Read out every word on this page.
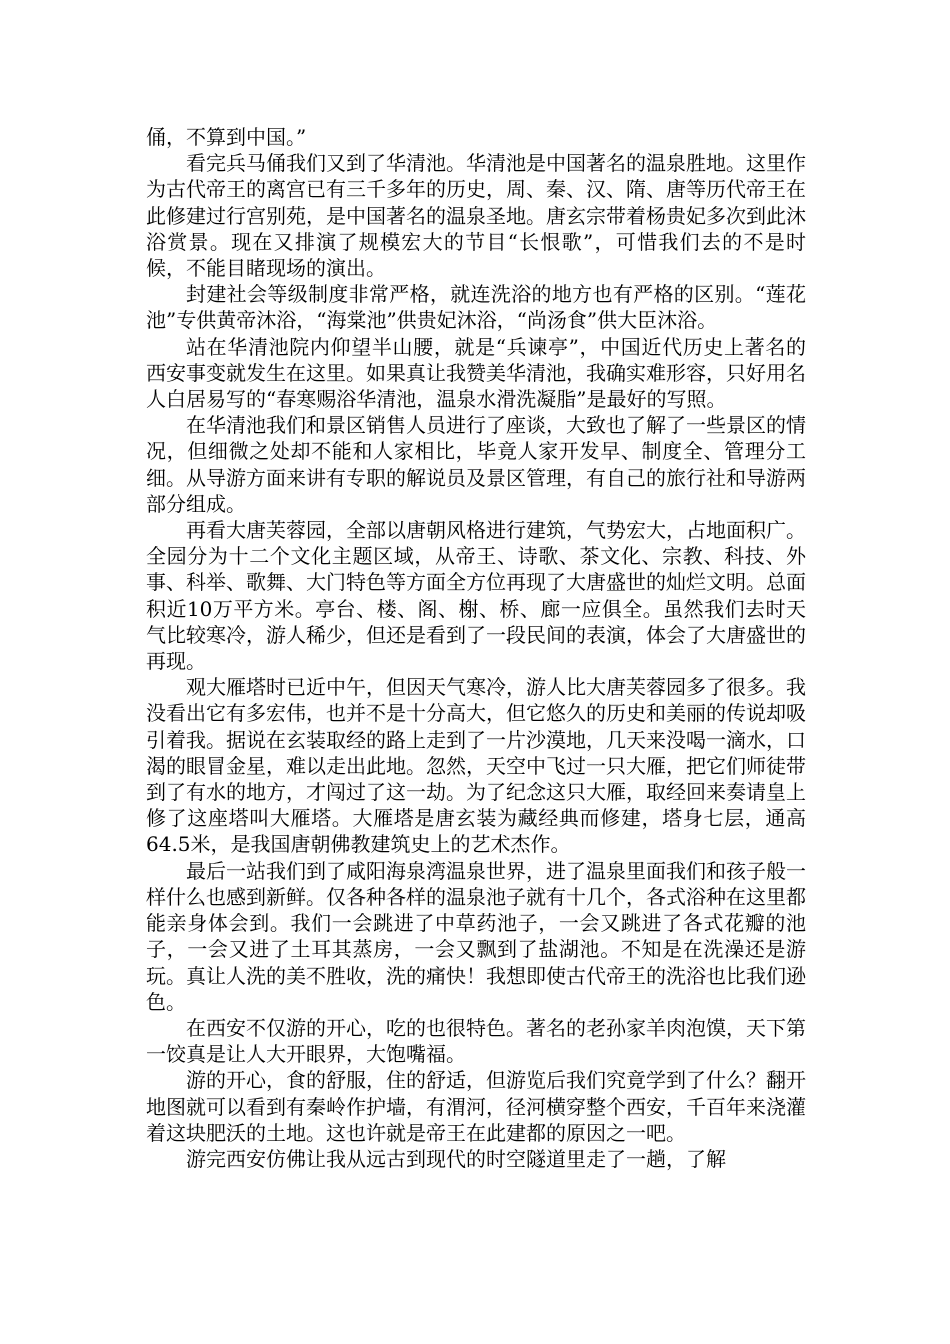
俑，不算到中国。”

看完兵马俑我们又到了华清池。华清池是中国著名的温泉胜地。这里作为古代帝王的离宫已有三千多年的历史，周、秦、汉、隋、唐等历代帝王在此修建过行宫别苑，是中国著名的温泉圣地。唐玄宗带着杨贵妃多次到此沐浴赏景。现在又排演了规模宏大的节目“长恨歌”，可惜我们去的不是时候，不能目睹现场的演出。

封建社会等级制度非常严格，就连洗浴的地方也有严格的区别。“莲花池”专供黄帝沐浴，“海棠池”供贵妃沐浴，“尚汤食”供大臣沐浴。

站在华清池院内仰望半山腰，就是“兵谏亭”，中国近代历史上著名的西安事变就发生在这里。如果真让我赞美华清池，我确实难形容，只好用名人白居易写的“春寒赐浴华清池，温泉水滑洗凝脂”是最好的写照。

在华清池我们和景区销售人员进行了座谈，大致也了解了一些景区的情况，但细微之处却不能和人家相比，毕竟人家开发早、制度全、管理分工细。从导游方面来讲有专职的解说员及景区管理，有自己的旅行社和导游两部分组成。

再看大唐芙蓉园，全部以唐朝风格进行建筑，气势宏大，占地面积广。全园分为十二个文化主题区域，从帝王、诗歌、茶文化、宗教、科技、外事、科举、歌舞、大门特色等方面全方位再现了大唐盛世的灿烂文明。总面积近10万平方米。亭台、楼、阁、榭、桥、廊一应俱全。虽然我们去时天气比较寒冷，游人稀少，但还是看到了一段民间的表演，体会了大唐盛世的再现。

观大雁塔时已近中午，但因天气寒冷，游人比大唐芙蓉园多了很多。我没看出它有多宏伟，也并不是十分高大，但它悠久的历史和美丽的传说却吸引着我。据说在玄装取经的路上走到了一片沙漠地，几天来没喝一滴水，口渴的眼冒金星，难以走出此地。忽然，天空中飞过一只大雁，把它们师徒带到了有水的地方，才闯过了这一劫。为了纪念这只大雁，取经回来奏请皇上修了这座塔叫大雁塔。大雁塔是唐玄装为藏经典而修建，塔身七层，通高64.5米，是我国唐朝佛教建筑史上的艺术杰作。

最后一站我们到了咸阳海泉湾温泉世界，进了温泉里面我们和孩子般一样什么也感到新鲜。仅各种各样的温泉池子就有十几个，各式浴种在这里都能亲身体会到。我们一会跳进了中草药池子，一会又跳进了各式花瓣的池子，一会又进了土耳其蒸房，一会又飘到了盐湖池。不知是在洗澡还是游玩。真让人洗的美不胜收，洗的痛快！我想即使古代帝王的洗浴也比我们逊色。

在西安不仅游的开心，吃的也很特色。著名的老孙家羊肉泡馍，天下第一饺真是让人大开眼界，大饱嘴福。

游的开心，食的舒服，住的舒适，但游览后我们究竟学到了什么？翻开地图就可以看到有秦岭作护墙，有渭河，径河横穿整个西安，千百年来浇灌着这块肥沃的土地。这也许就是帝王在此建都的原因之一吧。

游完西安仿佛让我从远古到现代的时空隧道里走了一趟，了解
